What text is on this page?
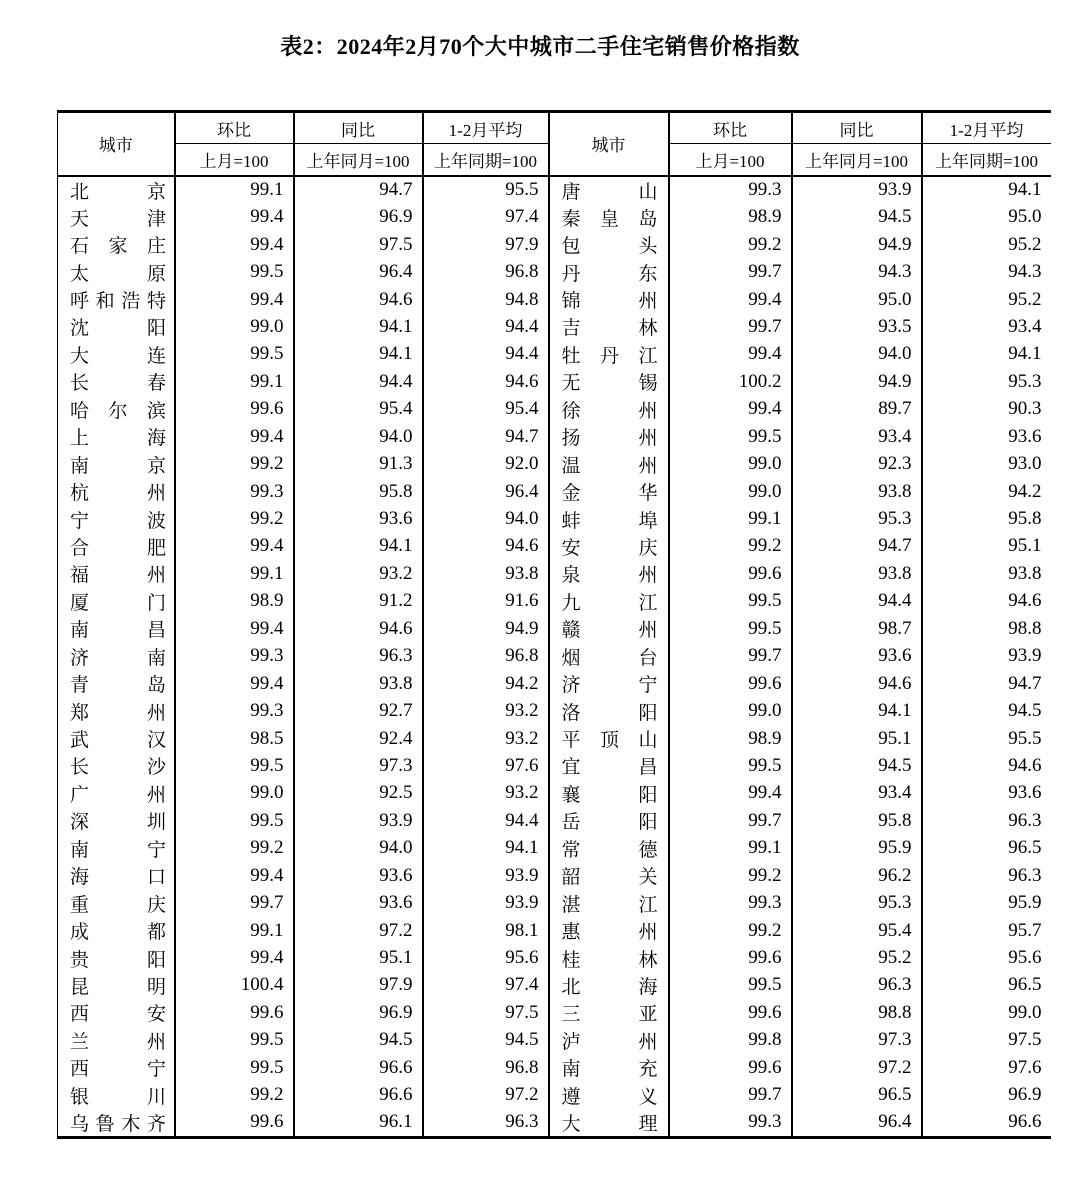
表2：2024年2月70个大中城市二手住宅销售价格指数
城市	环比	同比	1-2月平均	城市	环比	同比	1-2月平均
	上月=100	上年同月=100	上年同期=100		上月=100	上年同月=100	上年同期=100
北京	99.1	94.7	95.5	唐山	99.3	93.9	94.1
天津	99.4	96.9	97.4	秦皇岛	98.9	94.5	95.0
石家庄	99.4	97.5	97.9	包头	99.2	94.9	95.2
太原	99.5	96.4	96.8	丹东	99.7	94.3	94.3
呼和浩特	99.4	94.6	94.8	锦州	99.4	95.0	95.2
沈阳	99.0	94.1	94.4	吉林	99.7	93.5	93.4
大连	99.5	94.1	94.4	牡丹江	99.4	94.0	94.1
长春	99.1	94.4	94.6	无锡	100.2	94.9	95.3
哈尔滨	99.6	95.4	95.4	徐州	99.4	89.7	90.3
上海	99.4	94.0	94.7	扬州	99.5	93.4	93.6
南京	99.2	91.3	92.0	温州	99.0	92.3	93.0
杭州	99.3	95.8	96.4	金华	99.0	93.8	94.2
宁波	99.2	93.6	94.0	蚌埠	99.1	95.3	95.8
合肥	99.4	94.1	94.6	安庆	99.2	94.7	95.1
福州	99.1	93.2	93.8	泉州	99.6	93.8	93.8
厦门	98.9	91.2	91.6	九江	99.5	94.4	94.6
南昌	99.4	94.6	94.9	赣州	99.5	98.7	98.8
济南	99.3	96.3	96.8	烟台	99.7	93.6	93.9
青岛	99.4	93.8	94.2	济宁	99.6	94.6	94.7
郑州	99.3	92.7	93.2	洛阳	99.0	94.1	94.5
武汉	98.5	92.4	93.2	平顶山	98.9	95.1	95.5
长沙	99.5	97.3	97.6	宜昌	99.5	94.5	94.6
广州	99.0	92.5	93.2	襄阳	99.4	93.4	93.6
深圳	99.5	93.9	94.4	岳阳	99.7	95.8	96.3
南宁	99.2	94.0	94.1	常德	99.1	95.9	96.5
海口	99.4	93.6	93.9	韶关	99.2	96.2	96.3
重庆	99.7	93.6	93.9	湛江	99.3	95.3	95.9
成都	99.1	97.2	98.1	惠州	99.2	95.4	95.7
贵阳	99.4	95.1	95.6	桂林	99.6	95.2	95.6
昆明	100.4	97.9	97.4	北海	99.5	96.3	96.5
西安	99.6	96.9	97.5	三亚	99.6	98.8	99.0
兰州	99.5	94.5	94.5	泸州	99.8	97.3	97.5
西宁	99.5	96.6	96.8	南充	99.6	97.2	97.6
银川	99.2	96.6	97.2	遵义	99.7	96.5	96.9
乌鲁木齐	99.6	96.1	96.3	大理	99.3	96.4	96.6
